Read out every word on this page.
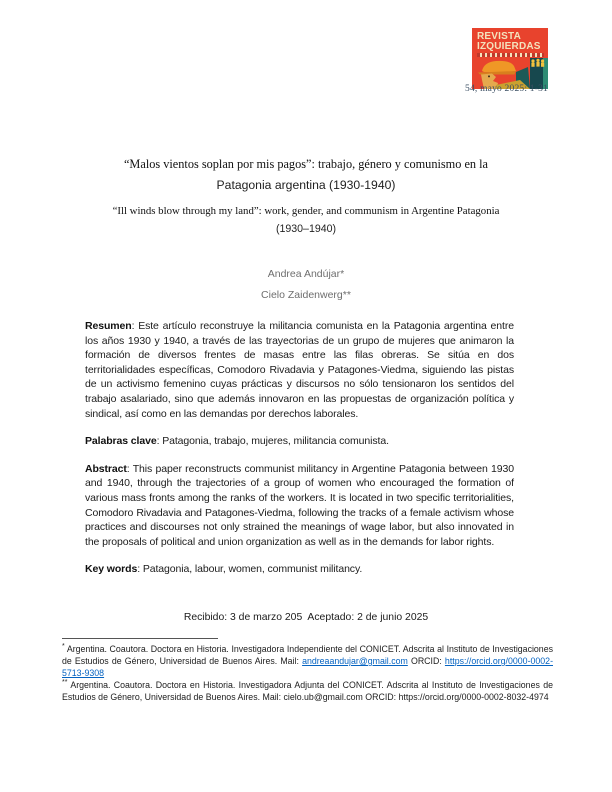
REVISTA
IZQUIERDAS
54, mayo 2025: 1-31
“Malos vientos soplan por mis pagos”: trabajo, género y comunismo en la
Patagonia argentina (1930-1940)
“Ill winds blow through my land”: work, gender, and communism in Argentine Patagonia
(1930–1940)
Andrea Andújar*
Cielo Zaidenwerg**

Resumen: Este artículo reconstruye la militancia comunista en la Patagonia argentina entre los años 1930 y 1940, a través de las trayectorias de un grupo de mujeres que animaron la formación de diversos frentes de masas entre las filas obreras. Se sitúa en dos territorialidades específicas, Comodoro Rivadavia y Patagones-Viedma, siguiendo las pistas de un activismo femenino cuyas prácticas y discursos no sólo tensionaron los sentidos del trabajo asalariado, sino que además innovaron en las propuestas de organización política y sindical, así como en las demandas por derechos laborales.

Palabras clave: Patagonia, trabajo, mujeres, militancia comunista.

Abstract: This paper reconstructs communist militancy in Argentine Patagonia between 1930 and 1940, through the trajectories of a group of women who encouraged the formation of various mass fronts among the ranks of the workers. It is located in two specific territorialities, Comodoro Rivadavia and Patagones-Viedma, following the tracks of a female activism whose practices and discourses not only strained the meanings of wage labor, but also innovated in the proposals of political and union organization as well as in the demands for labor rights.

Key words: Patagonia, labour, women, communist militancy.

Recibido: 3 de marzo 205  Aceptado: 2 de junio 2025

* Argentina. Coautora. Doctora en Historia. Investigadora Independiente del CONICET. Adscrita al Instituto de Investigaciones de Estudios de Género, Universidad de Buenos Aires. Mail: andreaandujar@gmail.com ORCID: https://orcid.org/0000-0002-5713-9308

** Argentina. Coautora. Doctora en Historia. Investigadora Adjunta del CONICET. Adscrita al Instituto de Investigaciones de Estudios de Género, Universidad de Buenos Aires. Mail: cielo.ub@gmail.com ORCID: https://orcid.org/0000-0002-8032-4974
